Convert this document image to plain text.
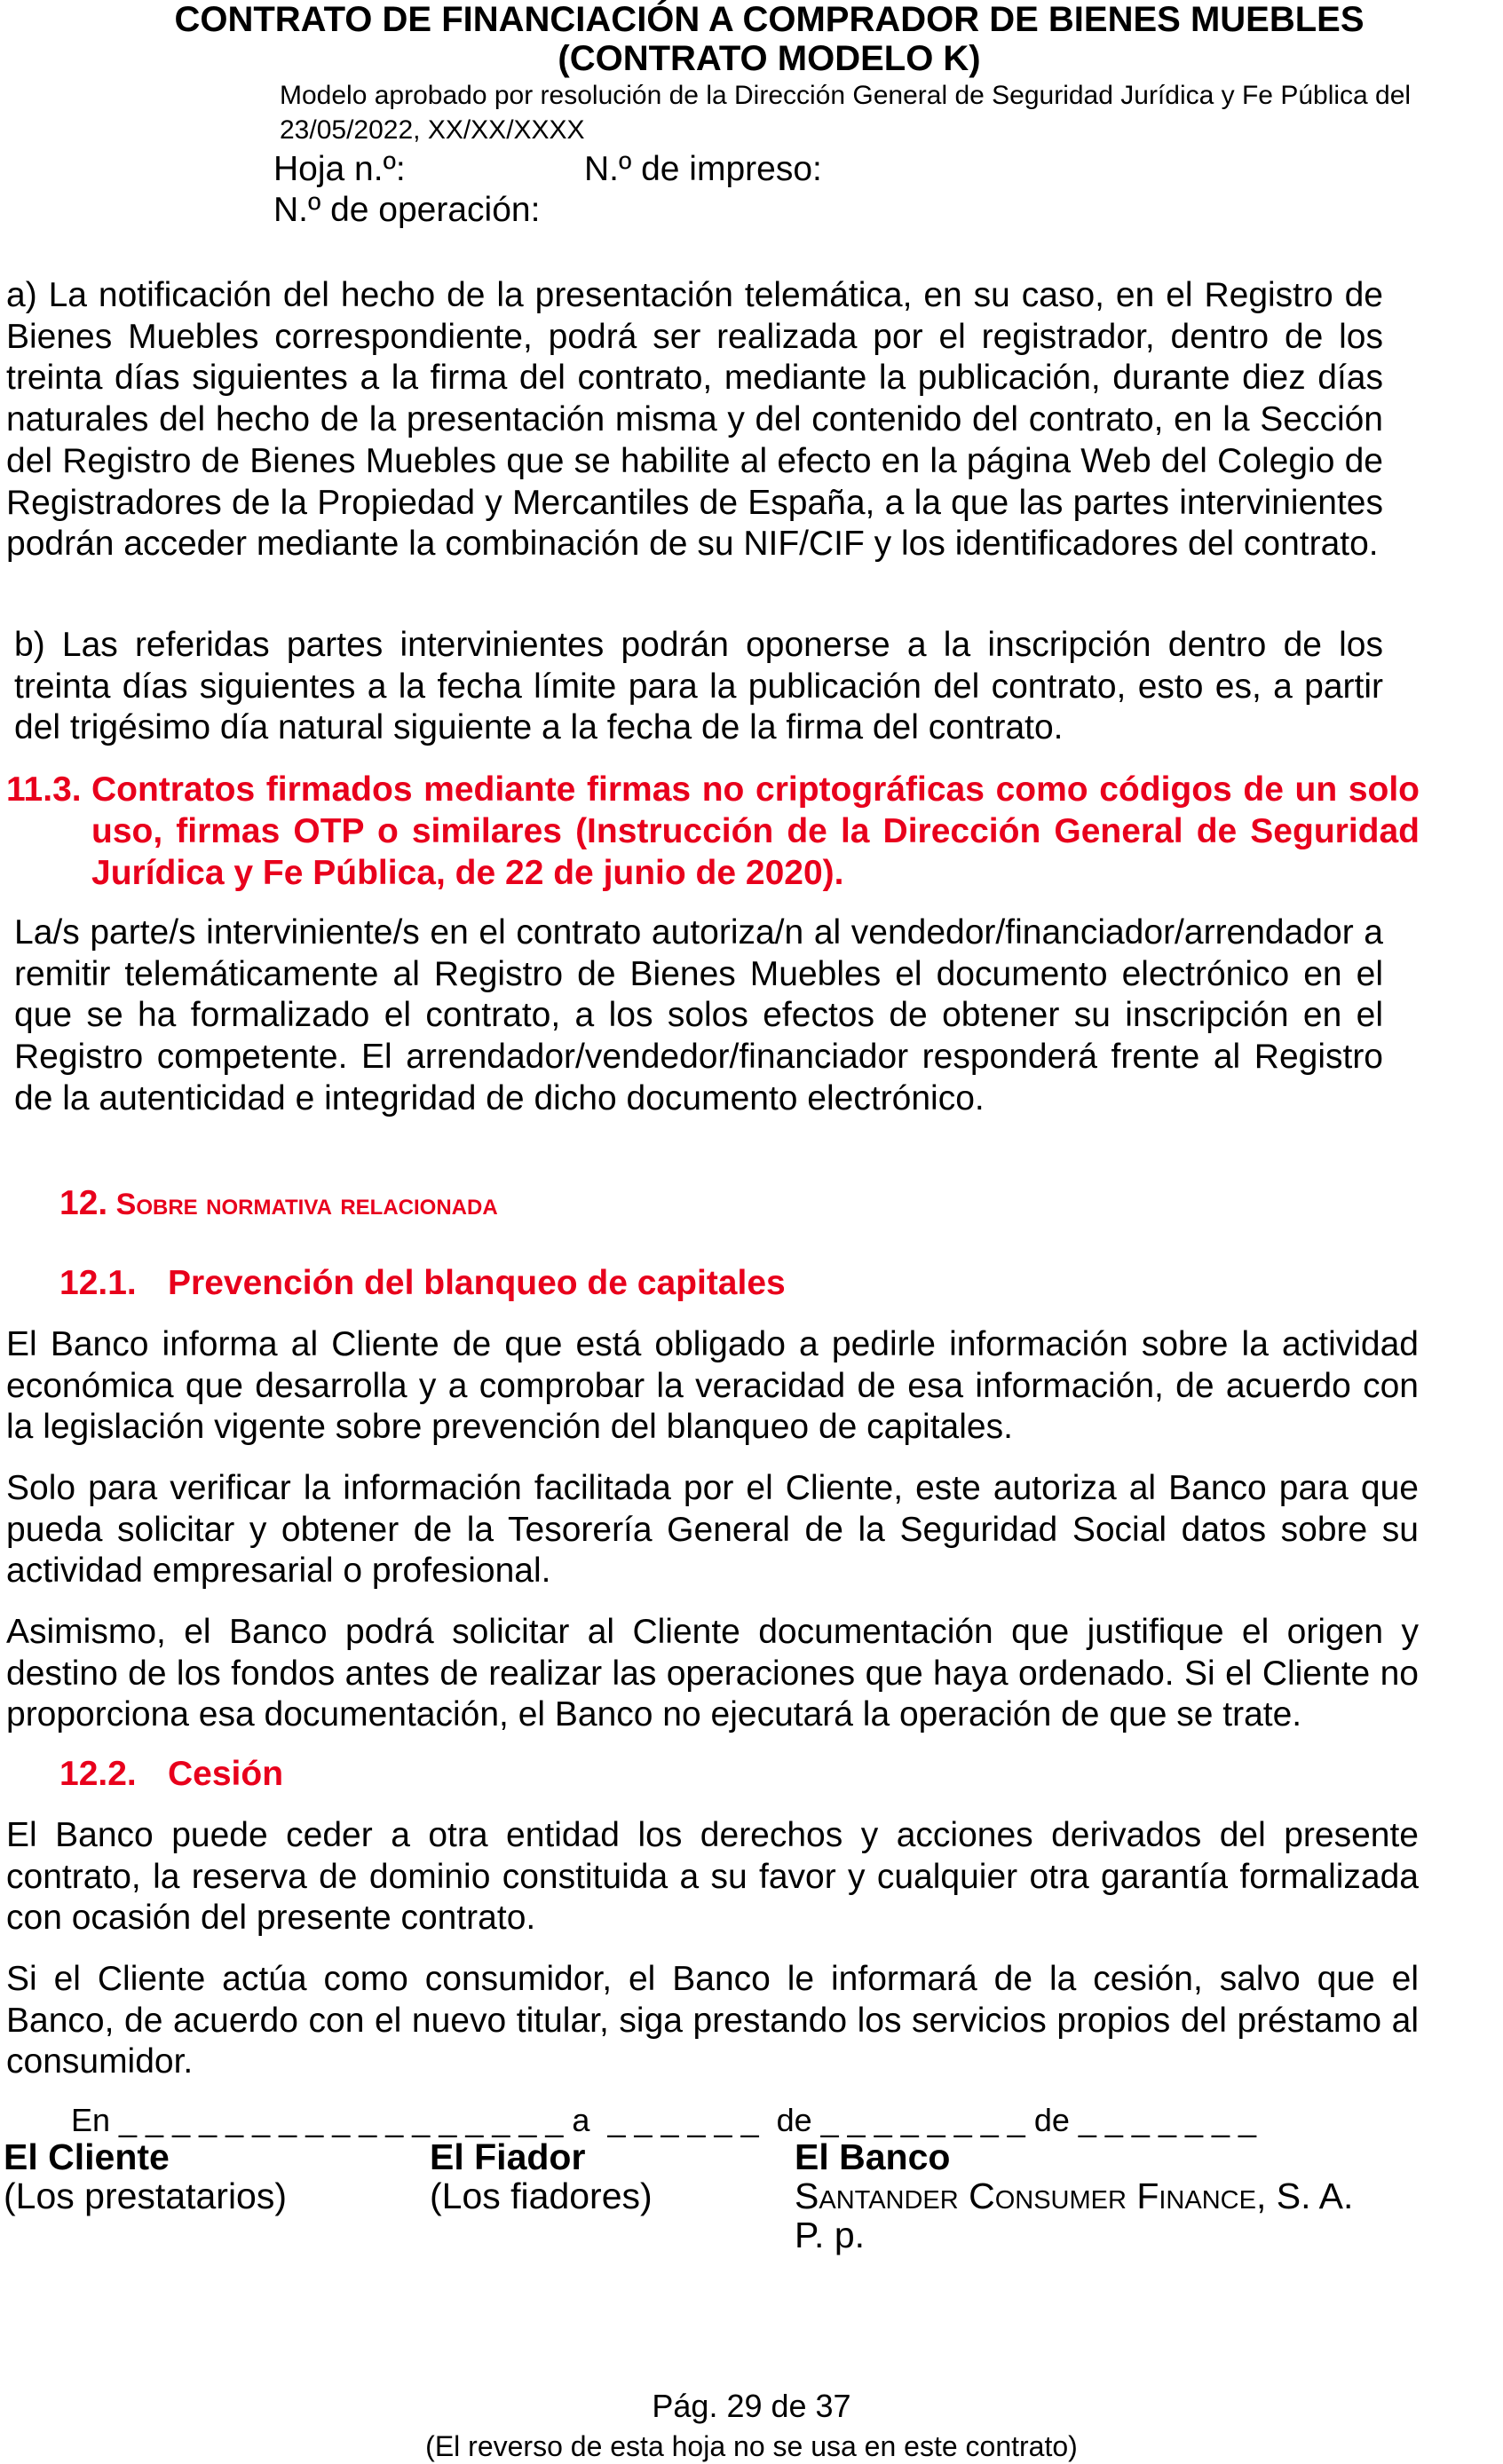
CONTRATO DE FINANCIACIÓN A COMPRADOR DE BIENES MUEBLES
(CONTRATO MODELO K)
Modelo aprobado por resolución de la Dirección General de Seguridad Jurídica y Fe Pública del 23/05/2022, XX/XX/XXXX
Hoja n.º:	N.º de impreso:
N.º de operación:
a) La notificación del hecho de la presentación telemática, en su caso, en el Registro de Bienes Muebles correspondiente, podrá ser realizada por el registrador, dentro de los treinta días siguientes a la firma del contrato, mediante la publicación, durante diez días naturales del hecho de la presentación misma y del contenido del contrato, en la Sección del Registro de Bienes Muebles que se habilite al efecto en la página Web del Colegio de Registradores de la Propiedad y Mercantiles de España, a la que las partes intervinientes podrán acceder mediante la combinación de su NIF/CIF y los identificadores del contrato.
b) Las referidas partes intervinientes podrán oponerse a la inscripción dentro de los treinta días siguientes a la fecha límite para la publicación del contrato, esto es, a partir del trigésimo día natural siguiente a la fecha de la firma del contrato.
11.3. Contratos firmados mediante firmas no criptográficas como códigos de un solo uso, firmas OTP o similares (Instrucción de la Dirección General de Seguridad Jurídica y Fe Pública, de 22 de junio de 2020).
La/s parte/s interviniente/s en el contrato autoriza/n al vendedor/financiador/arrendador a remitir telemáticamente al Registro de Bienes Muebles el documento electrónico en el que se ha formalizado el contrato, a los solos efectos de obtener su inscripción en el Registro competente. El arrendador/vendedor/financiador responderá frente al Registro de la autenticidad e integridad de dicho documento electrónico.
12. Sobre normativa relacionada
12.1. Prevención del blanqueo de capitales
El Banco informa al Cliente de que está obligado a pedirle información sobre la actividad económica que desarrolla y a comprobar la veracidad de esa información, de acuerdo con la legislación vigente sobre prevención del blanqueo de capitales.
Solo para verificar la información facilitada por el Cliente, este autoriza al Banco para que pueda solicitar y obtener de la Tesorería General de la Seguridad Social datos sobre su actividad empresarial o profesional.
Asimismo, el Banco podrá solicitar al Cliente documentación que justifique el origen y destino de los fondos antes de realizar las operaciones que haya ordenado. Si el Cliente no proporciona esa documentación, el Banco no ejecutará la operación de que se trate.
12.2. Cesión
El Banco puede ceder a otra entidad los derechos y acciones derivados del presente contrato, la reserva de dominio constituida a su favor y cualquier otra garantía formalizada con ocasión del presente contrato.
Si el Cliente actúa como consumidor, el Banco le informará de la cesión, salvo que el Banco, de acuerdo con el nuevo titular, siga prestando los servicios propios del préstamo al consumidor.
En _ _ _ _ _ _ _ _ _ _ _ _ _ _ _ _ _ a  _ _ _ _ _ _  de _ _ _ _ _ _ _ _ de _ _ _ _ _ _ _
El Cliente
(Los prestatarios)
El Fiador
(Los fiadores)
El Banco
Santander Consumer Finance, S. A.
P. p.
Pág. 29 de 37
(El reverso de esta hoja no se usa en este contrato)
